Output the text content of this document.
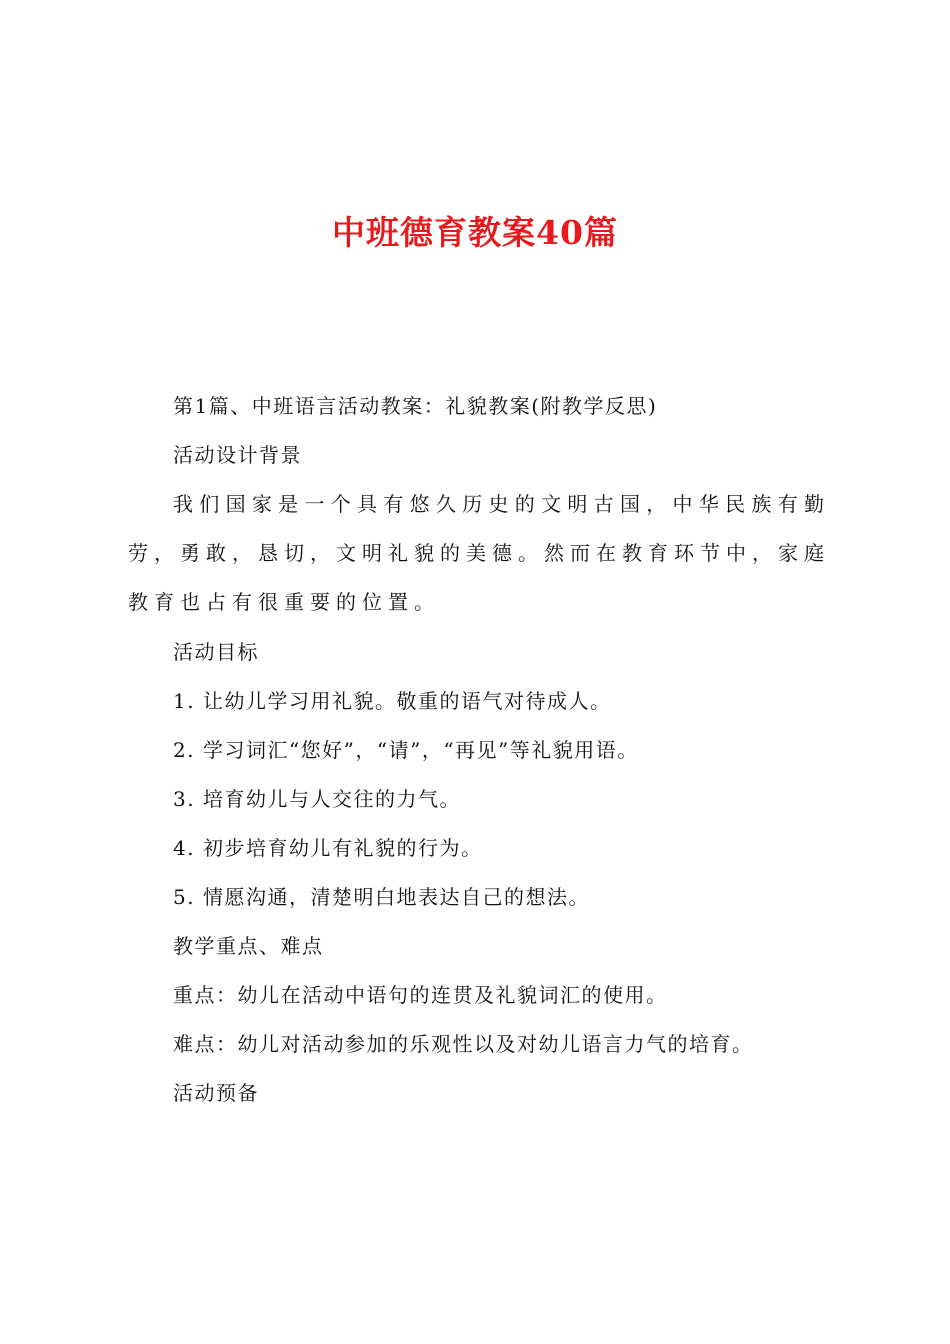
中班德育教案40篇
第1篇、中班语言活动教案：礼貌教案(附教学反思)
活动设计背景
我们国家是一个具有悠久历史的文明古国，中华民族有勤劳，勇敢，恳切，文明礼貌的美德。然而在教育环节中，家庭教育也占有很重要的位置。
活动目标
1. 让幼儿学习用礼貌。敬重的语气对待成人。
2. 学习词汇“您好”，“请”，“再见”等礼貌用语。
3. 培育幼儿与人交往的力气。
4. 初步培育幼儿有礼貌的行为。
5. 情愿沟通，清楚明白地表达自己的想法。
教学重点、难点
重点：幼儿在活动中语句的连贯及礼貌词汇的使用。
难点：幼儿对活动参加的乐观性以及对幼儿语言力气的培育。
活动预备
